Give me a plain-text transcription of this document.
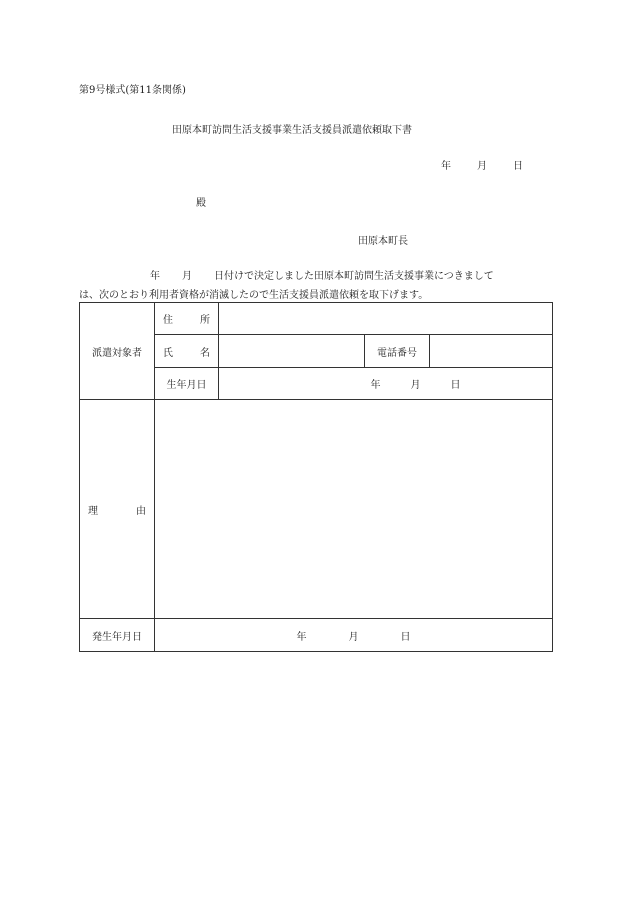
第9号様式(第11条関係)
田原本町訪問生活支援事業生活支援員派遣依頼取下書
年	月	日
殿
田原本町長
年 月 日付けで決定しました田原本町訪問生活支援事業につきまして
は、次のとおり利用者資格が消滅したので生活支援員派遣依頼を取下げます。
派遣対象者	住 所			

	氏 名		電話番号	
	生年月日	年 月 日		

理 由				

発生年月日	年 月 日			
